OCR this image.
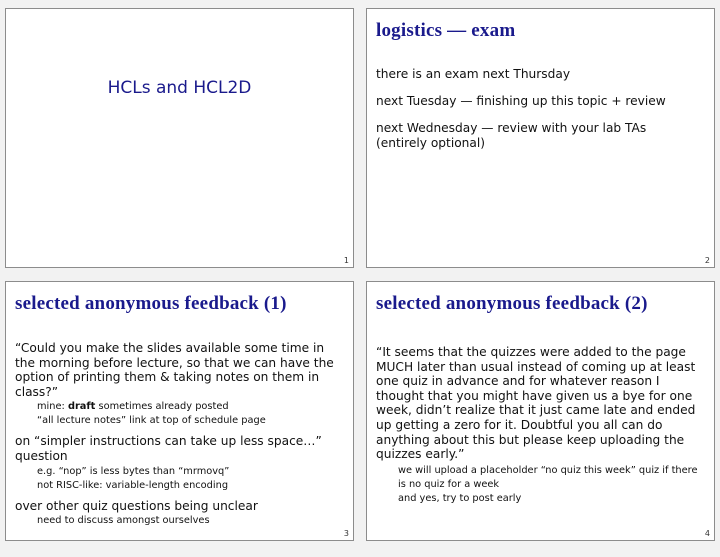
HCLs and HCL2D
1
logistics — exam
there is an exam next Thursday
next Tuesday — finishing up this topic + review
next Wednesday — review with your lab TAs
(entirely optional)
2
selected anonymous feedback (1)
“Could you make the slides available some time in the morning before lecture, so that we can have the option of printing them & taking notes on them in class?”
mine: draft sometimes already posted
“all lecture notes” link at top of schedule page
on “simpler instructions can take up less space…” question
e.g. “nop” is less bytes than “mrmovq”
not RISC-like: variable-length encoding
over other quiz questions being unclear
need to discuss amongst ourselves
3
selected anonymous feedback (2)
“It seems that the quizzes were added to the page MUCH later than usual instead of coming up at least one quiz in advance and for whatever reason I thought that you might have given us a bye for one week, didn’t realize that it just came late and ended up getting a zero for it. Doubtful you all can do anything about this but please keep uploading the quizzes early.”
we will upload a placeholder “no quiz this week” quiz if there is no quiz for a week
and yes, try to post early
4
